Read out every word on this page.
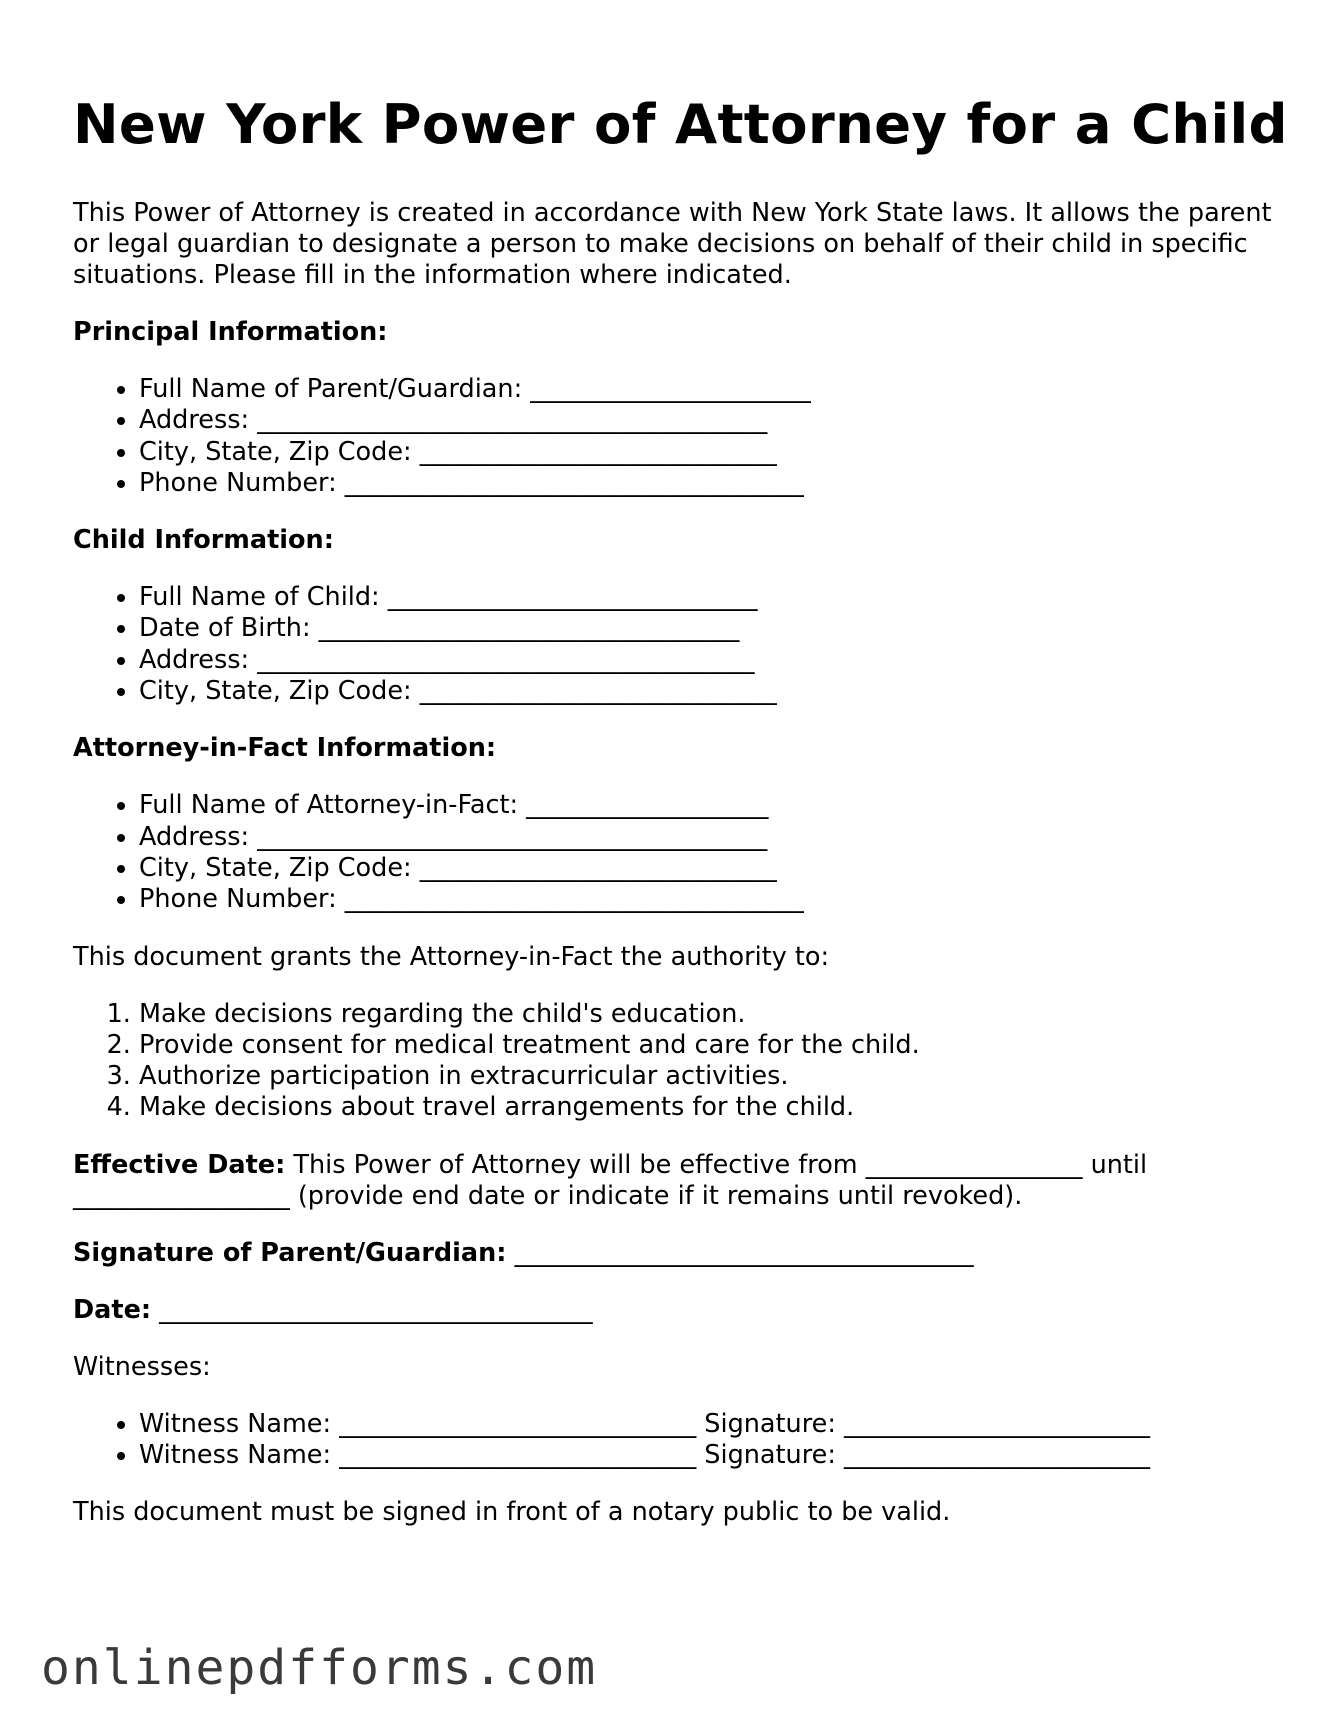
New York Power of Attorney for a Child
This Power of Attorney is created in accordance with New York State laws. It allows the parent or legal guardian to designate a person to make decisions on behalf of their child in specific situations. Please fill in the information where indicated.
Principal Information:
• Full Name of Parent/Guardian: ______________________
• Address: ________________________________________
• City, State, Zip Code: ____________________________
• Phone Number: ____________________________________
Child Information:
• Full Name of Child: _____________________________
• Date of Birth: _________________________________
• Address: _______________________________________
• City, State, Zip Code: ____________________________
Attorney-in-Fact Information:
• Full Name of Attorney-in-Fact: ___________________
• Address: ________________________________________
• City, State, Zip Code: ____________________________
• Phone Number: ____________________________________

This document grants the Attorney-in-Fact the authority to:

1. Make decisions regarding the child's education.
2. Provide consent for medical treatment and care for the child.
3. Authorize participation in extracurricular activities.
4. Make decisions about travel arrangements for the child.

Effective Date: This Power of Attorney will be effective from _________________ until _________________ (provide end date or indicate if it remains until revoked).

Signature of Parent/Guardian: ____________________________________

Date: __________________________________

Witnesses:

• Witness Name: ____________________________ Signature: ________________________
• Witness Name: ____________________________ Signature: ________________________

This document must be signed in front of a notary public to be valid.

onlinepdfforms.com
